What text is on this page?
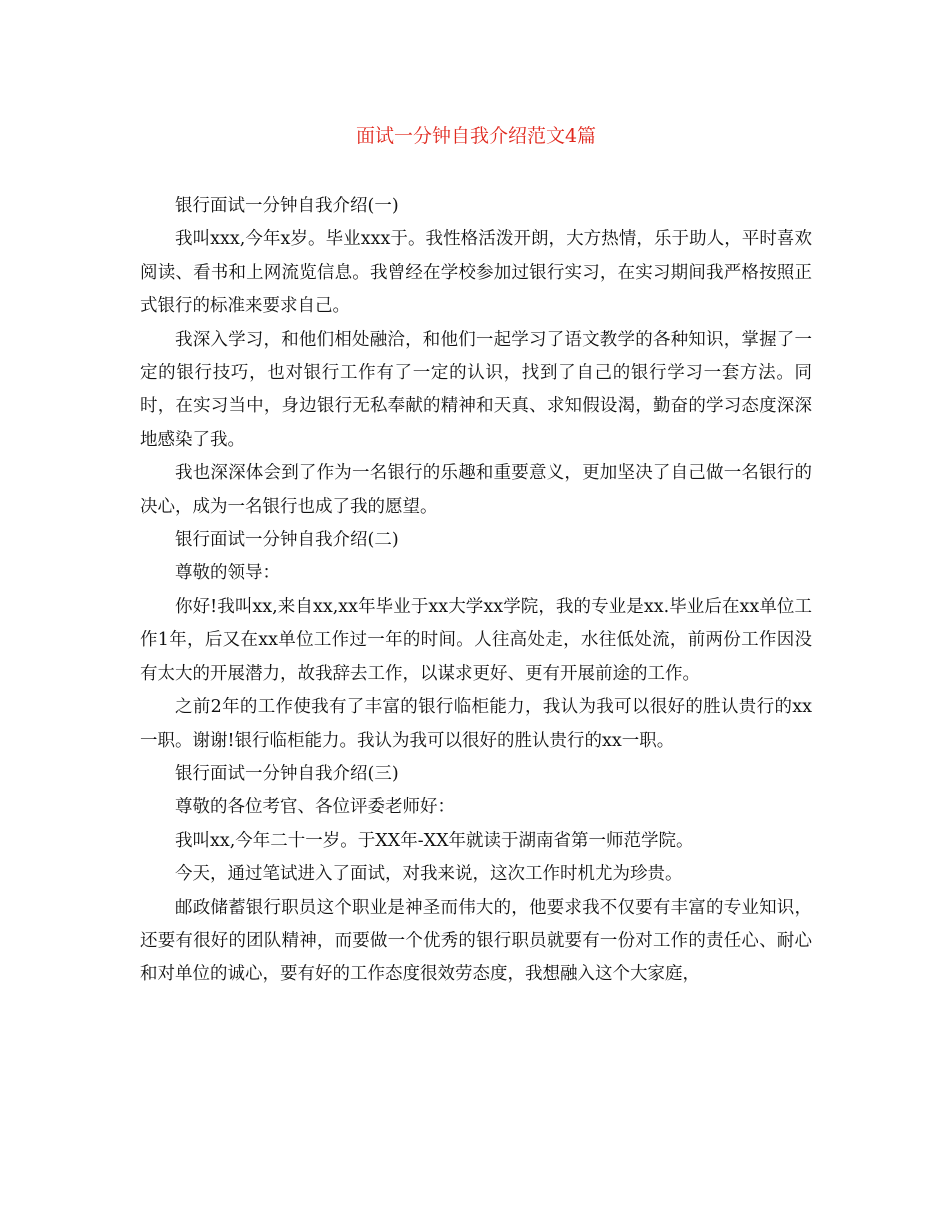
面试一分钟自我介绍范文4篇

银行面试一分钟自我介绍(一)

我叫xxx,今年x岁。毕业xxx于。我性格活泼开朗，大方热情，乐于助人，平时喜欢阅读、看书和上网流览信息。我曾经在学校参加过银行实习，在实习期间我严格按照正式银行的标准来要求自己。

我深入学习，和他们相处融洽，和他们一起学习了语文教学的各种知识，掌握了一定的银行技巧，也对银行工作有了一定的认识，找到了自己的银行学习一套方法。同时，在实习当中，身边银行无私奉献的精神和天真、求知假设渴，勤奋的学习态度深深地感染了我。

我也深深体会到了作为一名银行的乐趣和重要意义，更加坚决了自己做一名银行的决心，成为一名银行也成了我的愿望。

银行面试一分钟自我介绍(二)

尊敬的领导：

你好!我叫xx,来自xx,xx年毕业于xx大学xx学院，我的专业是xx.毕业后在xx单位工作1年，后又在xx单位工作过一年的时间。人往高处走，水往低处流，前两份工作因没有太大的开展潜力，故我辞去工作，以谋求更好、更有开展前途的工作。

之前2年的工作使我有了丰富的银行临柜能力，我认为我可以很好的胜认贵行的xx一职。谢谢!银行临柜能力。我认为我可以很好的胜认贵行的xx一职。

银行面试一分钟自我介绍(三)

尊敬的各位考官、各位评委老师好：

我叫xx,今年二十一岁。于XX年-XX年就读于湖南省第一师范学院。

今天，通过笔试进入了面试，对我来说，这次工作时机尤为珍贵。

邮政储蓄银行职员这个职业是神圣而伟大的，他要求我不仅要有丰富的专业知识，还要有很好的团队精神，而要做一个优秀的银行职员就要有一份对工作的责任心、耐心和对单位的诚心，要有好的工作态度很效劳态度，我想融入这个大家庭，
